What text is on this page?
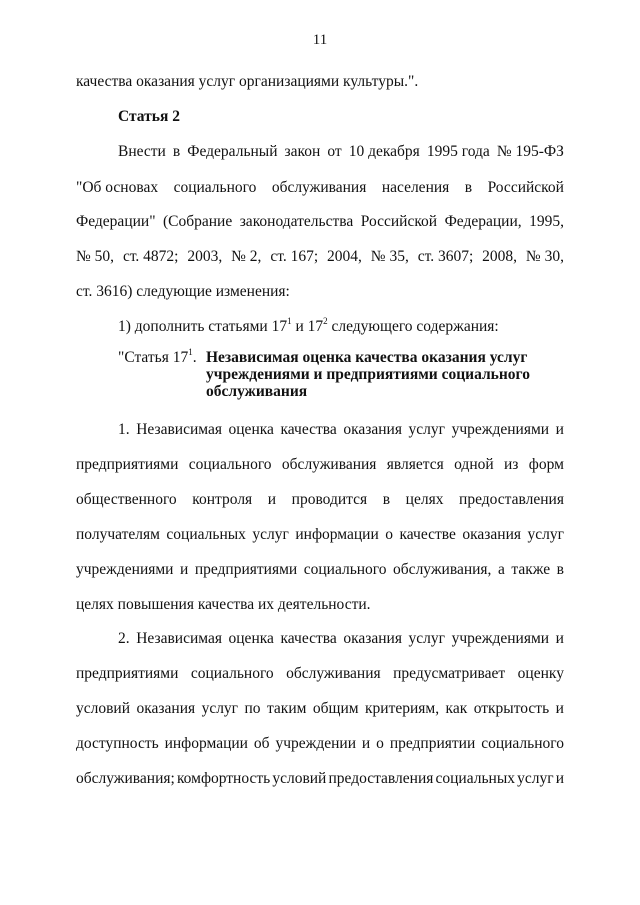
11
качества оказания услуг организациями культуры.".
Статья 2
Внести в Федеральный закон от 10 декабря 1995 года № 195-ФЗ
"Об основах социального обслуживания населения в Российской
Федерации" (Собрание законодательства Российской Федерации, 1995,
№ 50, ст. 4872; 2003, № 2, ст. 167; 2004, № 35, ст. 3607; 2008, № 30,
ст. 3616) следующие изменения:
1) дополнить статьями $17^1$ и $17^2$ следующего содержания:
"Статья $17^1$. Независимая оценка качества оказания услуг
учреждениями и предприятиями социального
обслуживания
1. Независимая оценка качества оказания услуг учреждениями и
предприятиями социального обслуживания является одной из форм
общественного контроля и проводится в целях предоставления
получателям социальных услуг информации о качестве оказания услуг
учреждениями и предприятиями социального обслуживания, а также в
целях повышения качества их деятельности.
2. Независимая оценка качества оказания услуг учреждениями и
предприятиями социального обслуживания предусматривает оценку
условий оказания услуг по таким общим критериям, как открытость и
доступность информации об учреждении и о предприятии социального
обслуживания; комфортность условий предоставления социальных услуг и
